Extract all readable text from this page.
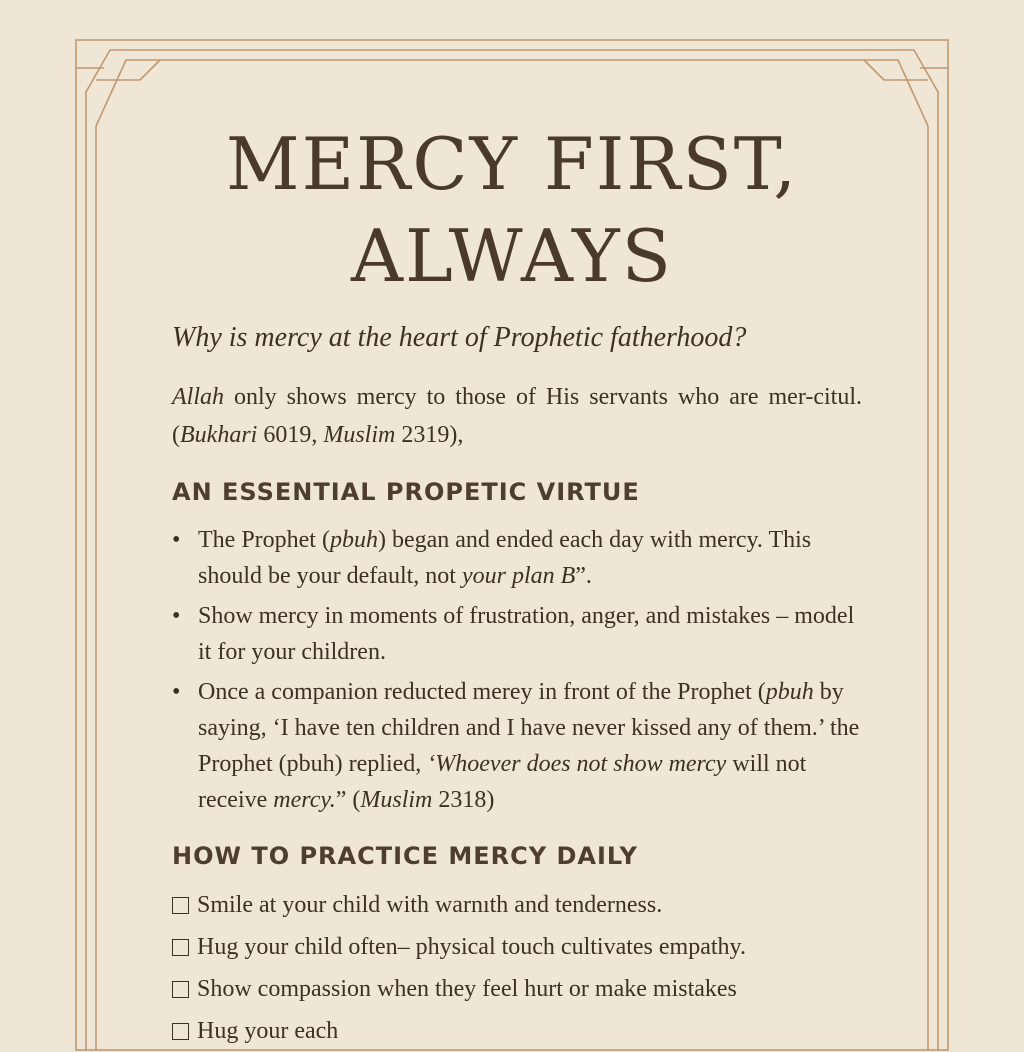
MERCY FIRST,
ALWAYS

Why is mercy at the heart of Prophetic fatherhood?

Allah only shows mercy to those of His servants who are mer-citul. (Bukhari 6019, Muslim 2319),

AN ESSENTIAL PROPETIC VIRTUE
• The Prophet (pbuh) began and ended each day with mercy. This should be your default, not your plan B”.
• Show mercy in moments of frustration, anger, and mistakes – model it for your children.
• Once a companion reducted merey in front of the Prophet (pbuh by saying, ‘I have ten children and I have never kissed any of them.’ the Prophet (pbuh) replied, ‘Whoever does not show mercy will not receive mercy.” (Muslim 2318)
HOW TO PRACTICE MERCY DAILY
Smile at your child with warnıth and tenderness.
Hug your child often– physical touch cultivates empathy.
Show compassion when they feel hurt or make mistakes
Hug your each
